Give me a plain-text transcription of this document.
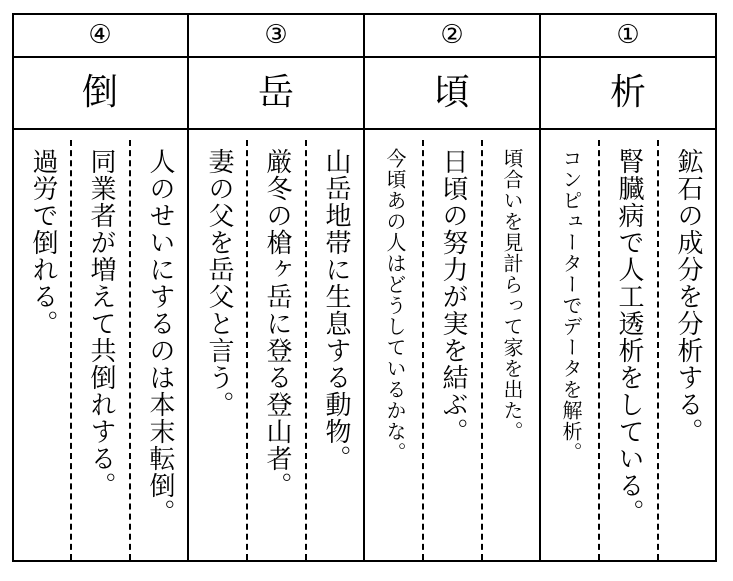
④
倒
人のせいにするのは本末転倒。
同業者が増えて共倒れする。
過労で倒れる。
③
岳
山岳地帯に生息する動物。
厳冬の槍ヶ岳に登る登山者。
妻の父を岳父と言う。
②
頃
頃合いを見計らって家を出た。
日頃の努力が実を結ぶ。
今頃あの人はどうしているかな。
①
析
鉱石の成分を分析する。
腎臓病で人工透析をしている。
コンピューターでデータを解析。
